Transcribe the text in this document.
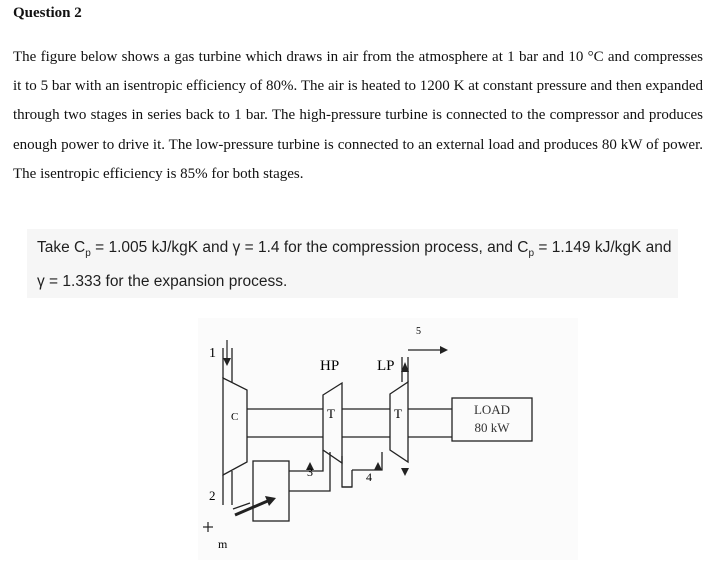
Question 2

The figure below shows a gas turbine which draws in air from the atmosphere at 1 bar and 10 °C and compresses it to 5 bar with an isentropic efficiency of 80%. The air is heated to 1200 K at constant pressure and then expanded through two stages in series back to 1 bar. The high-pressure turbine is connected to the compressor and produces enough power to drive it. The low-pressure turbine is connected to an external load and produces 80 kW of power. The isentropic efficiency is 85% for both stages.

Take $C_p = 1.005$ kJ/kgK and γ = 1.4 for the compression process, and $C_p = 1.149$ kJ/kgK and γ = 1.333 for the expansion process.

1
2
3	4
5
m
C
HP	LP
T	T	LOAD
80 kW
